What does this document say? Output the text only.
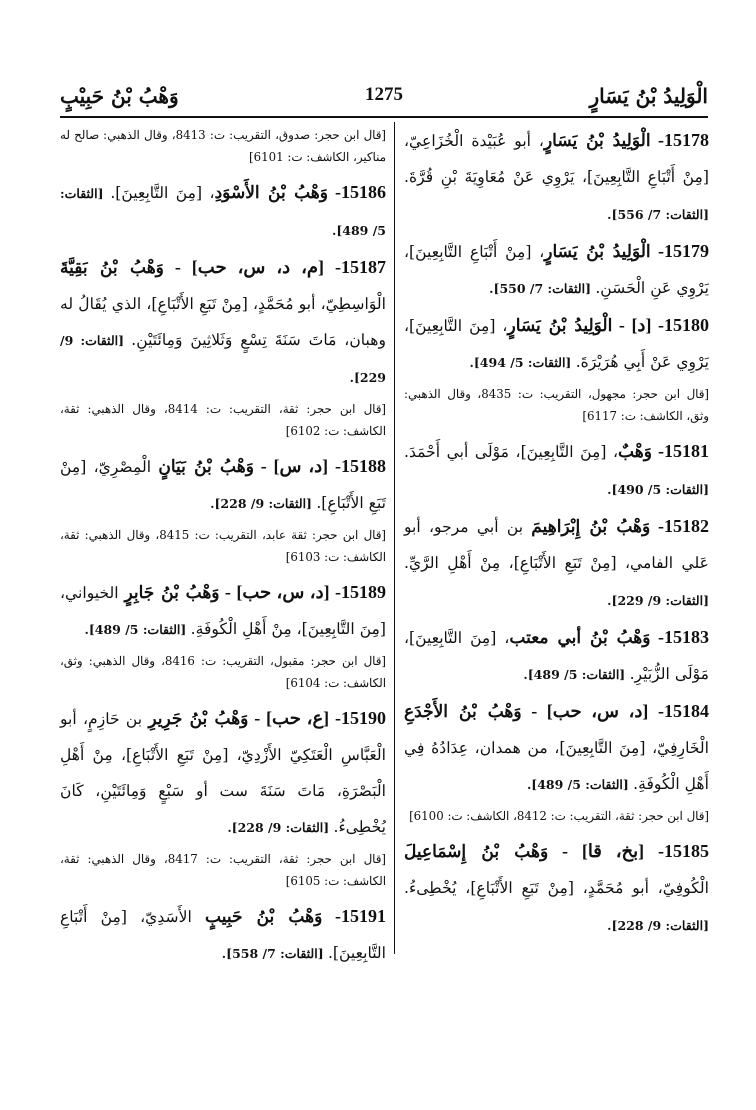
وَهْبُ بْنُ حَبِيْبٍ	1275	الْوَلِيدُ بْنُ يَسَارٍ

15178- الْوَلِيدُ بْنُ يَسَارٍ، أبو عُبَيْدة الْخُزَاعِيّ، [مِنْ أَتْبَاعِ التَّابِعِينَ]، يَرْوِي عَنْ مُعَاوِيَةَ بْنِ قُرَّةَ. [الثقات: 7/ 556].

15179- الْوَلِيدُ بْنُ يَسَارٍ، [مِنْ أَتْبَاعِ التَّابِعِينَ]، يَرْوِي عَنِ الْحَسَنِ. [الثقات: 7/ 550].

15180- [د] - الْوَلِيدُ بْنُ يَسَارٍ، [مِنَ التَّابِعِينَ]، يَرْوِي عَنْ أَبِي هُرَيْرَةَ. [الثقات: 5/ 494].

[قال ابن حجر: مجهول، التقريب: ت: 8435، وقال الذهبي: وثق، الكاشف: ت: 6117]

15181- وَهْبٌ، [مِنَ التَّابِعِينَ]، مَوْلَى أبي أَحْمَدَ. [الثقات: 5/ 490].

15182- وَهْبُ بْنُ إِبْرَاهِيمَ بن أبي مرجو، أبو عَلي الفامي، [مِنْ تَبَعِ الأَتْبَاعِ]، مِنْ أَهْلِ الرَّيِّ. [الثقات: 9/ 229].

15183- وَهْبُ بْنُ أبي معتب، [مِنَ التَّابِعِينَ]، مَوْلَى الزُّبَيْرِ. [الثقات: 5/ 489].

15184- [د، س، حب] - وَهْبُ بْنُ الأَجْدَعِ الْخَارِفِيّ، [مِنَ التَّابِعِينَ]، من همدان، عِدَادُهُ فِي أَهْلِ الْكُوفَةِ. [الثقات: 5/ 489].

[قال ابن حجر: ثقة، التقريب: ت: 8412، الكاشف: ت: 6100]

15185- [بخ، قا] - وَهْبُ بْنُ إِسْمَاعِيلَ الْكُوفِيّ، أبو مُحَمَّدٍ، [مِنْ تَبَعِ الأَتْبَاعِ]، يُخْطِىءُ. [الثقات: 9/ 228].

[قال ابن حجر: صدوق، التقريب: ت: 8413، وقال الذهبي: صالح له مناكير، الكاشف: ت: 6101]

15186- وَهْبُ بْنُ الأَسْوَدِ، [مِنَ التَّابِعِينَ]. [الثقات: 5/ 489].

15187- [م، د، س، حب] - وَهْبُ بْنُ بَقِيَّةَ الْوَاسِطِيّ، أبو مُحَمَّدٍ، [مِنْ تَبَعِ الأَتْبَاعِ]، الذي يُقَالُ له وهبان، مَاتَ سَنَةَ تِسْعٍ وَثَلاثِينَ وَمِائَتَيْنِ. [الثقات: 9/ 229].

[قال ابن حجر: ثقة، التقريب: ت: 8414، وقال الذهبي: ثقة، الكاشف: ت: 6102]

15188- [د، س] - وَهْبُ بْنُ بَيَانٍ الْمِصْرِيّ، [مِنْ تَبَعِ الأَتْبَاعِ]. [الثقات: 9/ 228].

[قال ابن حجر: ثقة عابد، التقريب: ت: 8415، وقال الذهبي: ثقة، الكاشف: ت: 6103]

15189- [د، س، حب] - وَهْبُ بْنُ جَابِرٍ الخيواني، [مِنَ التَّابِعِينَ]، مِنْ أَهْلِ الْكُوفَةِ. [الثقات: 5/ 489].

[قال ابن حجر: مقبول، التقريب: ت: 8416، وقال الذهبي: وثق، الكاشف: ت: 6104]

15190- [ع، حب] - وَهْبُ بْنُ جَرِيرِ بن حَازِمٍ، أبو الْعَبَّاسِ الْعَتَكِيّ الأَزْدِيّ، [مِنْ تَبَعِ الأَتْبَاعِ]، مِنْ أَهْلِ الْبَصْرَةِ، مَاتَ سَنَةَ ست أو سَبْعٍ وَمِائَتَيْنِ، كَانَ يُخْطِىءُ. [الثقات: 9/ 228].

[قال ابن حجر: ثقة، التقريب: ت: 8417، وقال الذهبي: ثقة، الكاشف: ت: 6105]

15191- وَهْبُ بْنُ حَبِيبٍ الأَسَدِيّ، [مِنْ أَتْبَاعِ التَّابِعِينَ]. [الثقات: 7/ 558].
